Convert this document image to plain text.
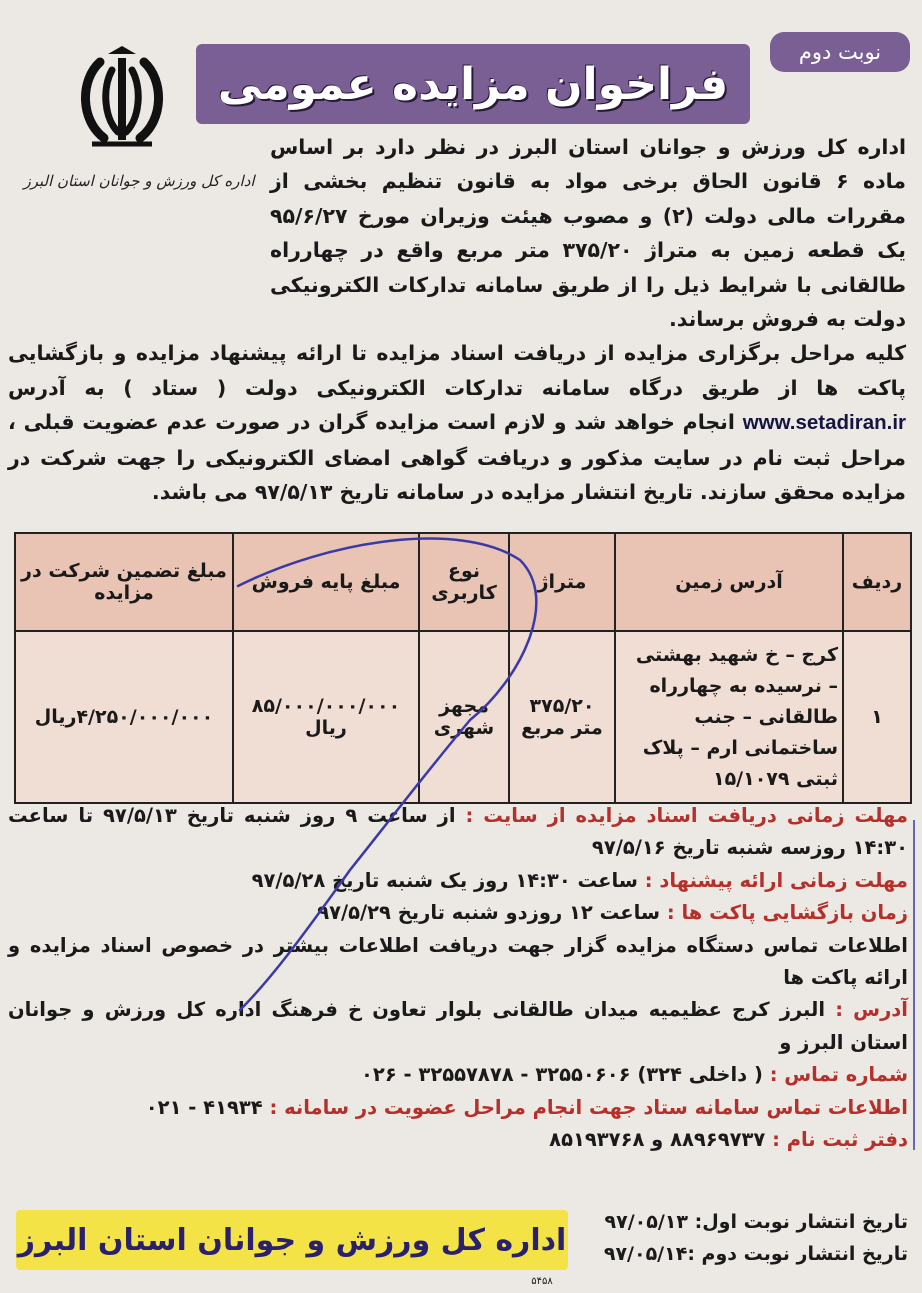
نوبت دوم
فراخوان مزایده عمومی
اداره کل ورزش و جوانان استان البرز
اداره کل ورزش و جوانان استان البرز در نظر دارد بر اساس ماده ۶ قانون الحاق برخی مواد به قانون تنظیم بخشی از مقررات مالی دولت (۲) و مصوب هیئت وزیران مورخ ۹۵/۶/۲۷ یک قطعه زمین به متراژ ۳۷۵/۲۰ متر مربع واقع در چهارراه طالقانی با شرایط ذیل را از طریق سامانه تدارکات الکترونیکی دولت به فروش برساند.
کلیه مراحل برگزاری مزایده از دریافت اسناد مزایده تا ارائه پیشنهاد مزایده و بازگشایی پاکت ها از طریق درگاه سامانه تدارکات الکترونیکی دولت ( ستاد ) به آدرس www.setadiran.ir انجام خواهد شد و لازم است مزایده گران در صورت عدم عضویت قبلی ، مراحل ثبت نام در سایت مذکور و دریافت گواهی امضای الکترونیکی را جهت شرکت در مزایده محقق سازند. تاریخ انتشار مزایده در سامانه تاریخ ۹۷/۵/۱۳ می باشد.
ردیف	آدرس زمین	متراژ	نوع کاربری	مبلغ پایه فروش	مبلغ تضمین شرکت در مزایده
۱	کرج – خ شهید بهشتی – نرسیده به چهارراه طالقانی – جنب ساختمانی ارم – پلاک ثبتی ۱۵/۱۰۷۹	۳۷۵/۲۰ متر مربع	مجهز شهری	۸۵/۰۰۰/۰۰۰/۰۰۰ ریال	۴/۲۵۰/۰۰۰/۰۰۰ریال
مهلت زمانی دریافت اسناد مزایده از سایت : از ساعت ۹ روز شنبه تاریخ ۹۷/۵/۱۳ تا ساعت ۱۴:۳۰ روزسه شنبه تاریخ ۹۷/۵/۱۶
مهلت زمانی ارائه پیشنهاد : ساعت ۱۴:۳۰ روز یک شنبه تاریخ ۹۷/۵/۲۸
زمان بازگشایی پاکت ها : ساعت ۱۲ روزدو شنبه تاریخ ۹۷/۵/۲۹
اطلاعات تماس دستگاه مزایده گزار جهت دریافت اطلاعات بیشتر در خصوص اسناد مزایده و ارائه پاکت ها
آدرس : البرز کرج عظیمیه میدان طالقانی بلوار تعاون خ فرهنگ اداره کل ورزش و جوانان استان البرز و
شماره تماس : ( داخلی ۳۲۴) ۳۲۵۵۰۶۰۶ - ۳۲۵۵۷۸۷۸ - ۰۲۶
اطلاعات تماس سامانه ستاد جهت انجام مراحل عضویت در سامانه : ۴۱۹۳۴ - ۰۲۱
دفتر ثبت نام : ۸۸۹۶۹۷۳۷ و ۸۵۱۹۳۷۶۸
تاریخ انتشار نوبت اول: ۹۷/۰۵/۱۳
تاریخ انتشار نوبت دوم :۹۷/۰۵/۱۴
اداره کل ورزش و جوانان استان البرز
۵۴۵۸
